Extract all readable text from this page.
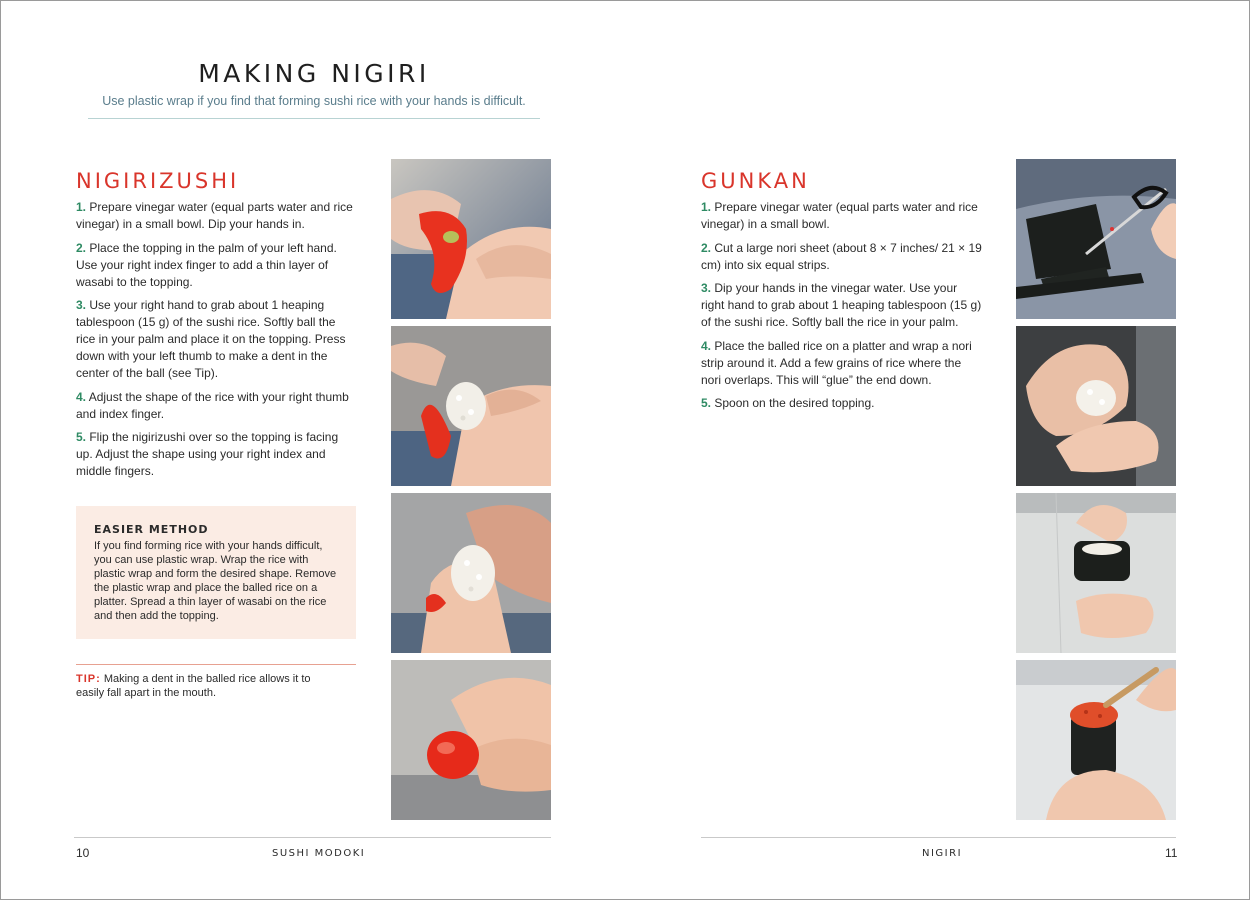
MAKING NIGIRI
Use plastic wrap if you find that forming sushi rice with your hands is difficult.
NIGIRIZUSHI

1. Prepare vinegar water (equal parts water and rice vinegar) in a small bowl. Dip your hands in.

2. Place the topping in the palm of your left hand. Use your right index finger to add a thin layer of wasabi to the topping.

3. Use your right hand to grab about 1 heaping tablespoon (15 g) of the sushi rice. Softly ball the rice in your palm and place it on the topping. Press down with your left thumb to make a dent in the center of the ball (see Tip).

4. Adjust the shape of the rice with your right thumb and index finger.

5. Flip the nigirizushi over so the topping is facing up. Adjust the shape using your right index and middle fingers.

EASIER METHOD
If you find forming rice with your hands difficult, you can use plastic wrap. Wrap the rice with plastic wrap and form the desired shape. Remove the plastic wrap and place the balled rice on a platter. Spread a thin layer of wasabi on the rice and then add the topping.
TIP: Making a dent in the balled rice allows it to easily fall apart in the mouth.
GUNKAN

1. Prepare vinegar water (equal parts water and rice vinegar) in a small bowl.

2. Cut a large nori sheet (about 8 × 7 inches/ 21 × 19 cm) into six equal strips.

3. Dip your hands in the vinegar water. Use your right hand to grab about 1 heaping tablespoon (15 g) of the sushi rice. Softly ball the rice in your palm.

4. Place the balled rice on a platter and wrap a nori strip around it. Add a few grains of rice where the nori overlaps. This will “glue” the end down.

5. Spoon on the desired topping.

10	SUSHI MODOKI	NIGIRI	11
